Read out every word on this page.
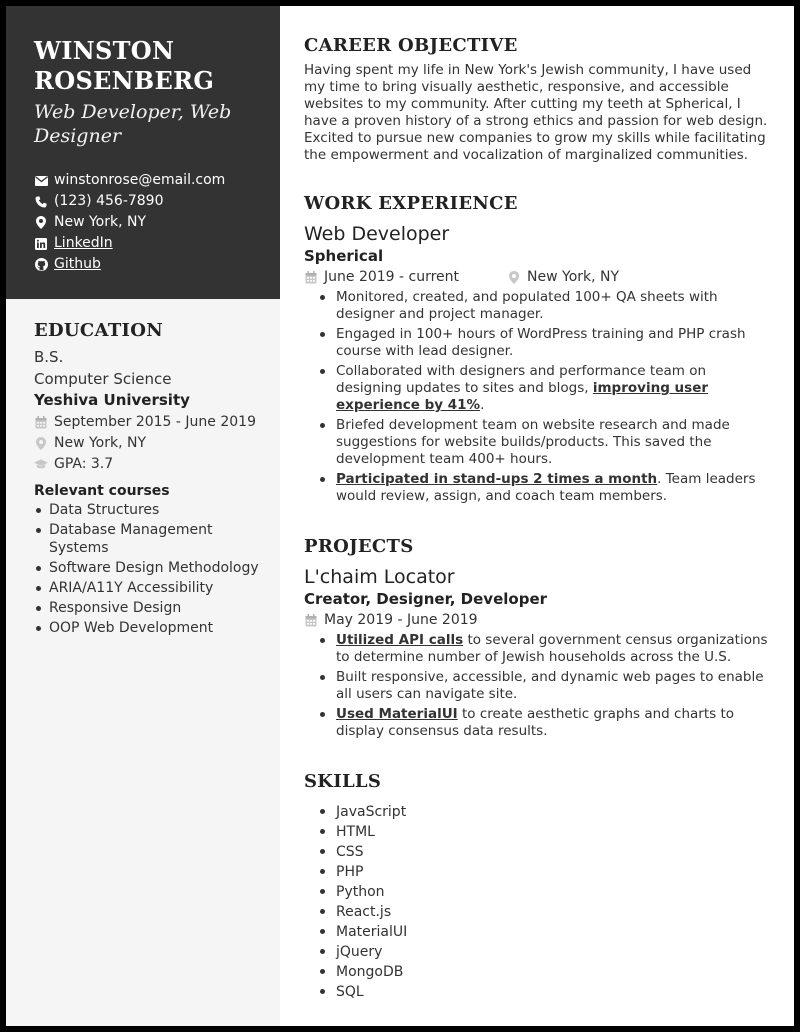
WINSTON ROSENBERG
Web Developer, Web Designer
winstonrose@email.com
(123) 456-7890
New York, NY
LinkedIn
Github
EDUCATION
B.S.
Computer Science
Yeshiva University
September 2015 - June 2019
New York, NY
GPA: 3.7
Relevant courses
Data Structures
Database Management Systems
Software Design Methodology
ARIA/A11Y Accessibility
Responsive Design
OOP Web Development
CAREER OBJECTIVE
Having spent my life in New York's Jewish community, I have used my time to bring visually aesthetic, responsive, and accessible websites to my community. After cutting my teeth at Spherical, I have a proven history of a strong ethics and passion for web design. Excited to pursue new companies to grow my skills while facilitating the empowerment and vocalization of marginalized communities.
WORK EXPERIENCE
Web Developer
Spherical
June 2019 - current	New York, NY
Monitored, created, and populated 100+ QA sheets with designer and project manager.
Engaged in 100+ hours of WordPress training and PHP crash course with lead designer.
Collaborated with designers and performance team on designing updates to sites and blogs, improving user experience by 41%.
Briefed development team on website research and made suggestions for website builds/products. This saved the development team 400+ hours.
Participated in stand-ups 2 times a month. Team leaders would review, assign, and coach team members.
PROJECTS
L'chaim Locator
Creator, Designer, Developer
May 2019 - June 2019
Utilized API calls to several government census organizations to determine number of Jewish households across the U.S.
Built responsive, accessible, and dynamic web pages to enable all users can navigate site.
Used MaterialUI to create aesthetic graphs and charts to display consensus data results.
SKILLS
JavaScript
HTML
CSS
PHP
Python
React.js
MaterialUI
jQuery
MongoDB
SQL
